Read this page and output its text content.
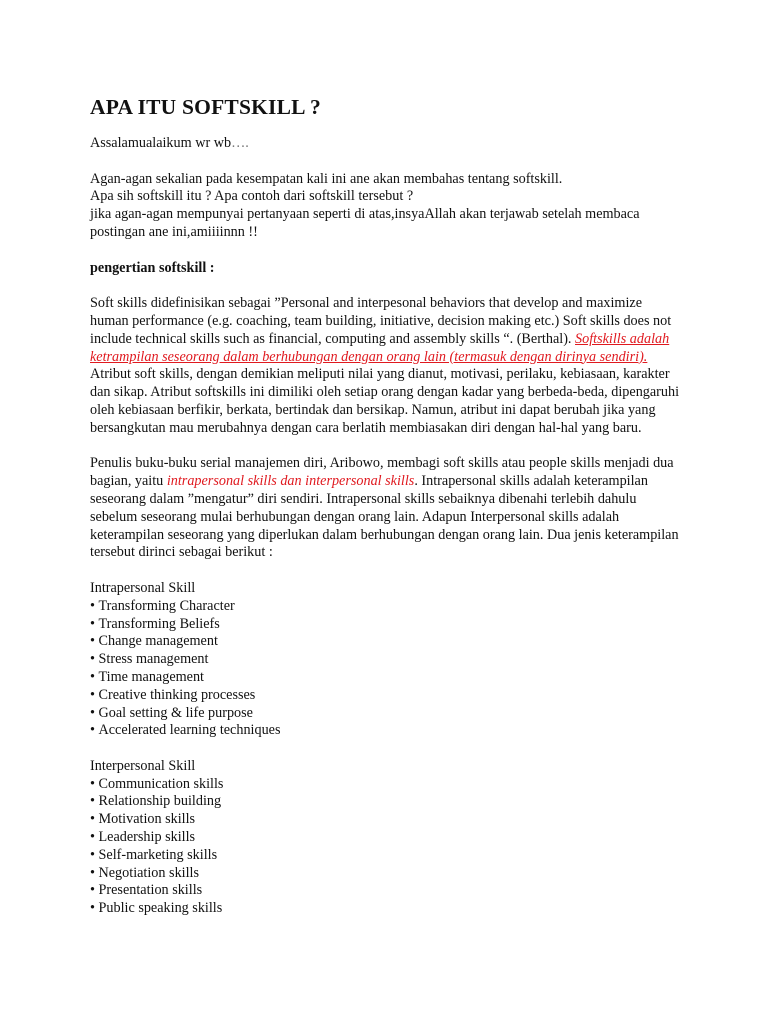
APA ITU SOFTSKILL ?

Assalamualaikum wr wb….

Agan-agan sekalian pada kesempatan kali ini ane akan membahas tentang softskill.

Apa sih softskill itu ? Apa contoh dari softskill tersebut ?

jika agan-agan mempunyai pertanyaan seperti di atas,insyaAllah akan terjawab setelah membaca postingan ane ini,amiiiinnn !!

pengertian softskill :

Soft skills didefinisikan sebagai ”Personal and interpesonal behaviors that develop and maximize human performance (e.g. coaching, team building, initiative, decision making etc.) Soft skills does not include technical skills such as financial, computing and assembly skills “. (Berthal). Softskills adalah ketrampilan seseorang dalam berhubungan dengan orang lain (termasuk dengan dirinya sendiri). Atribut soft skills, dengan demikian meliputi nilai yang dianut, motivasi, perilaku, kebiasaan, karakter dan sikap. Atribut softskills ini dimiliki oleh setiap orang dengan kadar yang berbeda-beda, dipengaruhi oleh kebiasaan berfikir, berkata, bertindak dan bersikap. Namun, atribut ini dapat berubah jika yang bersangkutan mau merubahnya dengan cara berlatih membiasakan diri dengan hal-hal yang baru.

Penulis buku-buku serial manajemen diri, Aribowo, membagi soft skills atau people skills menjadi dua bagian, yaitu intrapersonal skills dan interpersonal skills. Intrapersonal skills adalah keterampilan seseorang dalam ”mengatur” diri sendiri. Intrapersonal skills sebaiknya dibenahi terlebih dahulu sebelum seseorang mulai berhubungan dengan orang lain. Adapun Interpersonal skills adalah keterampilan seseorang yang diperlukan dalam berhubungan dengan orang lain. Dua jenis keterampilan tersebut dirinci sebagai berikut :

Intrapersonal Skill

• Transforming Character
• Transforming Beliefs
• Change management
• Stress management
• Time management
• Creative thinking processes
• Goal setting & life purpose
• Accelerated learning techniques

Interpersonal Skill

• Communication skills
• Relationship building
• Motivation skills
• Leadership skills
• Self-marketing skills
• Negotiation skills
• Presentation skills
• Public speaking skills
